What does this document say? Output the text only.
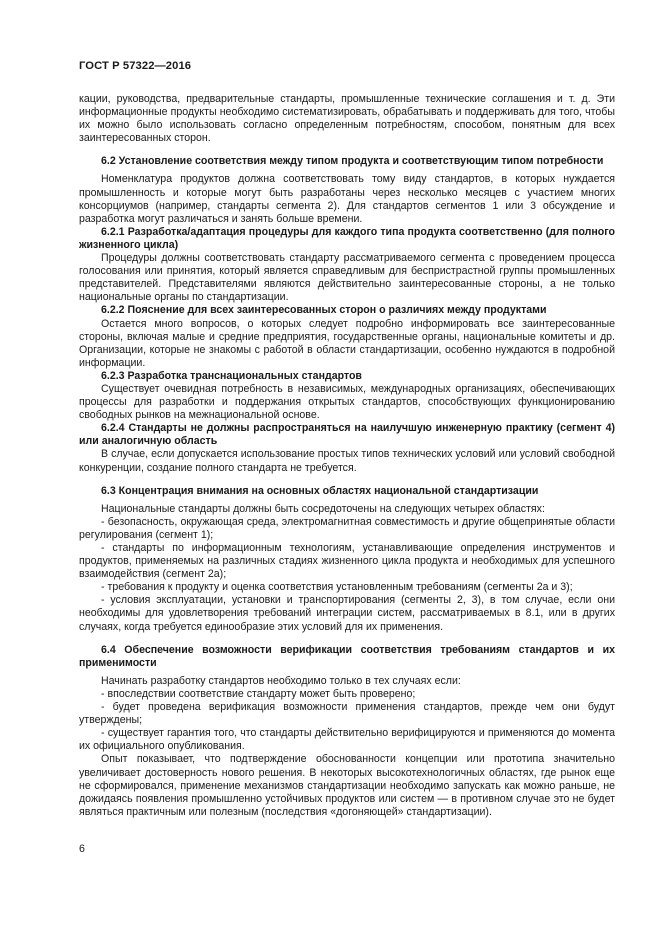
ГОСТ Р 57322—2016

кации, руководства, предварительные стандарты, промышленные технические соглашения и т. д. Эти информационные продукты необходимо систематизировать, обрабатывать и поддерживать для того, чтобы их можно было использовать согласно определенным потребностям, способом, понятным для всех заинтересованных сторон.

6.2 Установление соответствия между типом продукта и соответствующим типом потребности

Номенклатура продуктов должна соответствовать тому виду стандартов, в которых нуждается промышленность и которые могут быть разработаны через несколько месяцев с участием многих консорциумов (например, стандарты сегмента 2). Для стандартов сегментов 1 или 3 обсуждение и разработка могут различаться и занять больше времени.

6.2.1 Разработка/адаптация процедуры для каждого типа продукта соответственно (для полного жизненного цикла)

Процедуры должны соответствовать стандарту рассматриваемого сегмента с проведением процесса голосования или принятия, который является справедливым для беспристрастной группы промышленных представителей. Представителями являются действительно заинтересованные стороны, а не только национальные органы по стандартизации.

6.2.2 Пояснение для всех заинтересованных сторон о различиях между продуктами

Остается много вопросов, о которых следует подробно информировать все заинтересованные стороны, включая малые и средние предприятия, государственные органы, национальные комитеты и др. Организации, которые не знакомы с работой в области стандартизации, особенно нуждаются в подробной информации.

6.2.3 Разработка транснациональных стандартов

Существует очевидная потребность в независимых, международных организациях, обеспечивающих процессы для разработки и поддержания открытых стандартов, способствующих функционированию свободных рынков на межнациональной основе.

6.2.4 Стандарты не должны распространяться на наилучшую инженерную практику (сегмент 4) или аналогичную область

В случае, если допускается использование простых типов технических условий или условий свободной конкуренции, создание полного стандарта не требуется.

6.3 Концентрация внимания на основных областях национальной стандартизации

Национальные стандарты должны быть сосредоточены на следующих четырех областях:

- безопасность, окружающая среда, электромагнитная совместимость и другие общепринятые области регулирования (сегмент 1);

- стандарты по информационным технологиям, устанавливающие определения инструментов и продуктов, применяемых на различных стадиях жизненного цикла продукта и необходимых для успешного взаимодействия (сегмент 2а);

- требования к продукту и оценка соответствия установленным требованиям (сегменты 2а и 3);

- условия эксплуатации, установки и транспортирования (сегменты 2, 3), в том случае, если они необходимы для удовлетворения требований интеграции систем, рассматриваемых в 8.1, или в других случаях, когда требуется единообразие этих условий для их применения.

6.4 Обеспечение возможности верификации соответствия требованиям стандартов и их применимости

Начинать разработку стандартов необходимо только в тех случаях если:

- впоследствии соответствие стандарту может быть проверено;

- будет проведена верификация возможности применения стандартов, прежде чем они будут утверждены;

- существует гарантия того, что стандарты действительно верифицируются и применяются до момента их официального опубликования.

Опыт показывает, что подтверждение обоснованности концепции или прототипа значительно увеличивает достоверность нового решения. В некоторых высокотехнологичных областях, где рынок еще не сформировался, применение механизмов стандартизации необходимо запускать как можно раньше, не дожидаясь появления промышленно устойчивых продуктов или систем — в противном случае это не будет являться практичным или полезным (последствия «догоняющей» стандартизации).

6
